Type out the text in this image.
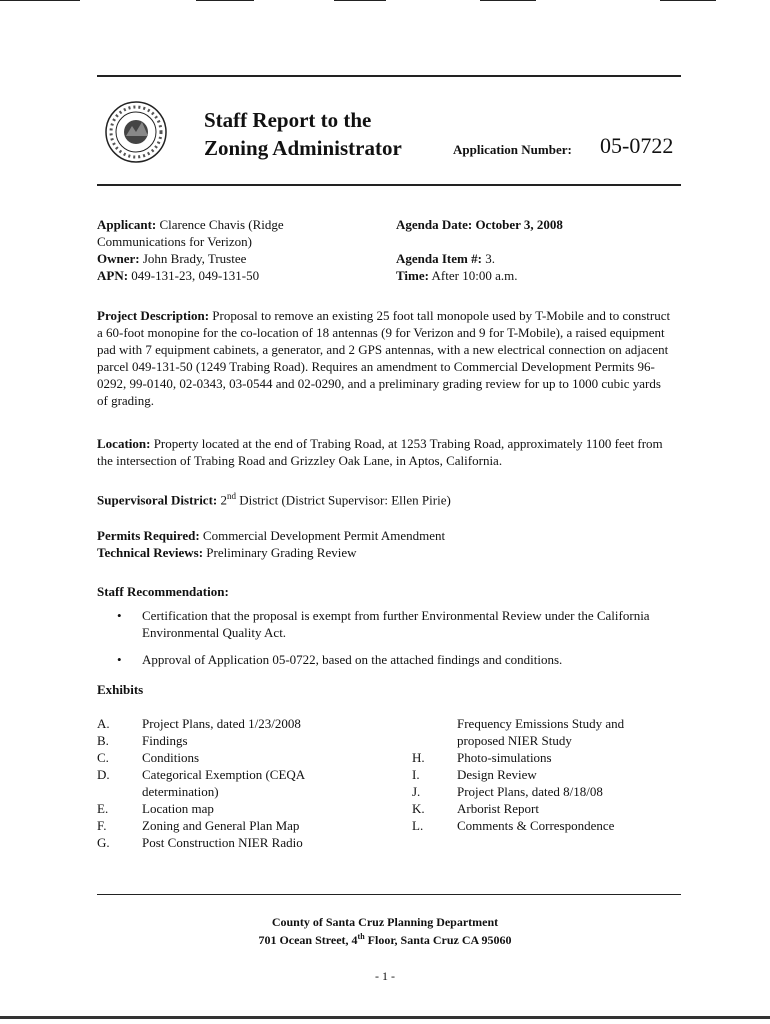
Staff Report to the
Zoning Administrator	Application Number: 05-0722
Applicant: Clarence Chavis (Ridge
Communications for Verizon)
Owner: John Brady, Trustee
APN: 049-131-23, 049-131-50
Agenda Date: October 3, 2008
Agenda Item #: 3.
Time: After 10:00 a.m.
Project Description: Proposal to remove an existing 25 foot tall monopole used by T-Mobile and to construct a 60-foot monopine for the co-location of 18 antennas (9 for Verizon and 9 for T-Mobile), a raised equipment pad with 7 equipment cabinets, a generator, and 2 GPS antennas, with a new electrical connection on adjacent parcel 049-131-50 (1249 Trabing Road). Requires an amendment to Commercial Development Permits 96-0292, 99-0140, 02-0343, 03-0544 and 02-0290, and a preliminary grading review for up to 1000 cubic yards of grading.
Location: Property located at the end of Trabing Road, at 1253 Trabing Road, approximately 1100 feet from the intersection of Trabing Road and Grizzley Oak Lane, in Aptos, California.
Supervisoral District: 2nd District (District Supervisor: Ellen Pirie)
Permits Required: Commercial Development Permit Amendment
Technical Reviews: Preliminary Grading Review
Staff Recommendation:
• Certification that the proposal is exempt from further Environmental Review under the California Environmental Quality Act.
• Approval of Application 05-0722, based on the attached findings and conditions.
Exhibits
A.	Project Plans, dated 1/23/2008
B.	Findings
C.	Conditions
D.	Categorical Exemption (CEQA
determination)
E.	Location map
F.	Zoning and General Plan Map
G.	Post Construction NIER Radio
Frequency Emissions Study and
proposed NIER Study
H.	Photo-simulations
I.	Design Review
J.	Project Plans, dated 8/18/08
K.	Arborist Report
L.	Comments & Correspondence
County of Santa Cruz Planning Department
701 Ocean Street, 4th Floor, Santa Cruz CA 95060
- 1 -
